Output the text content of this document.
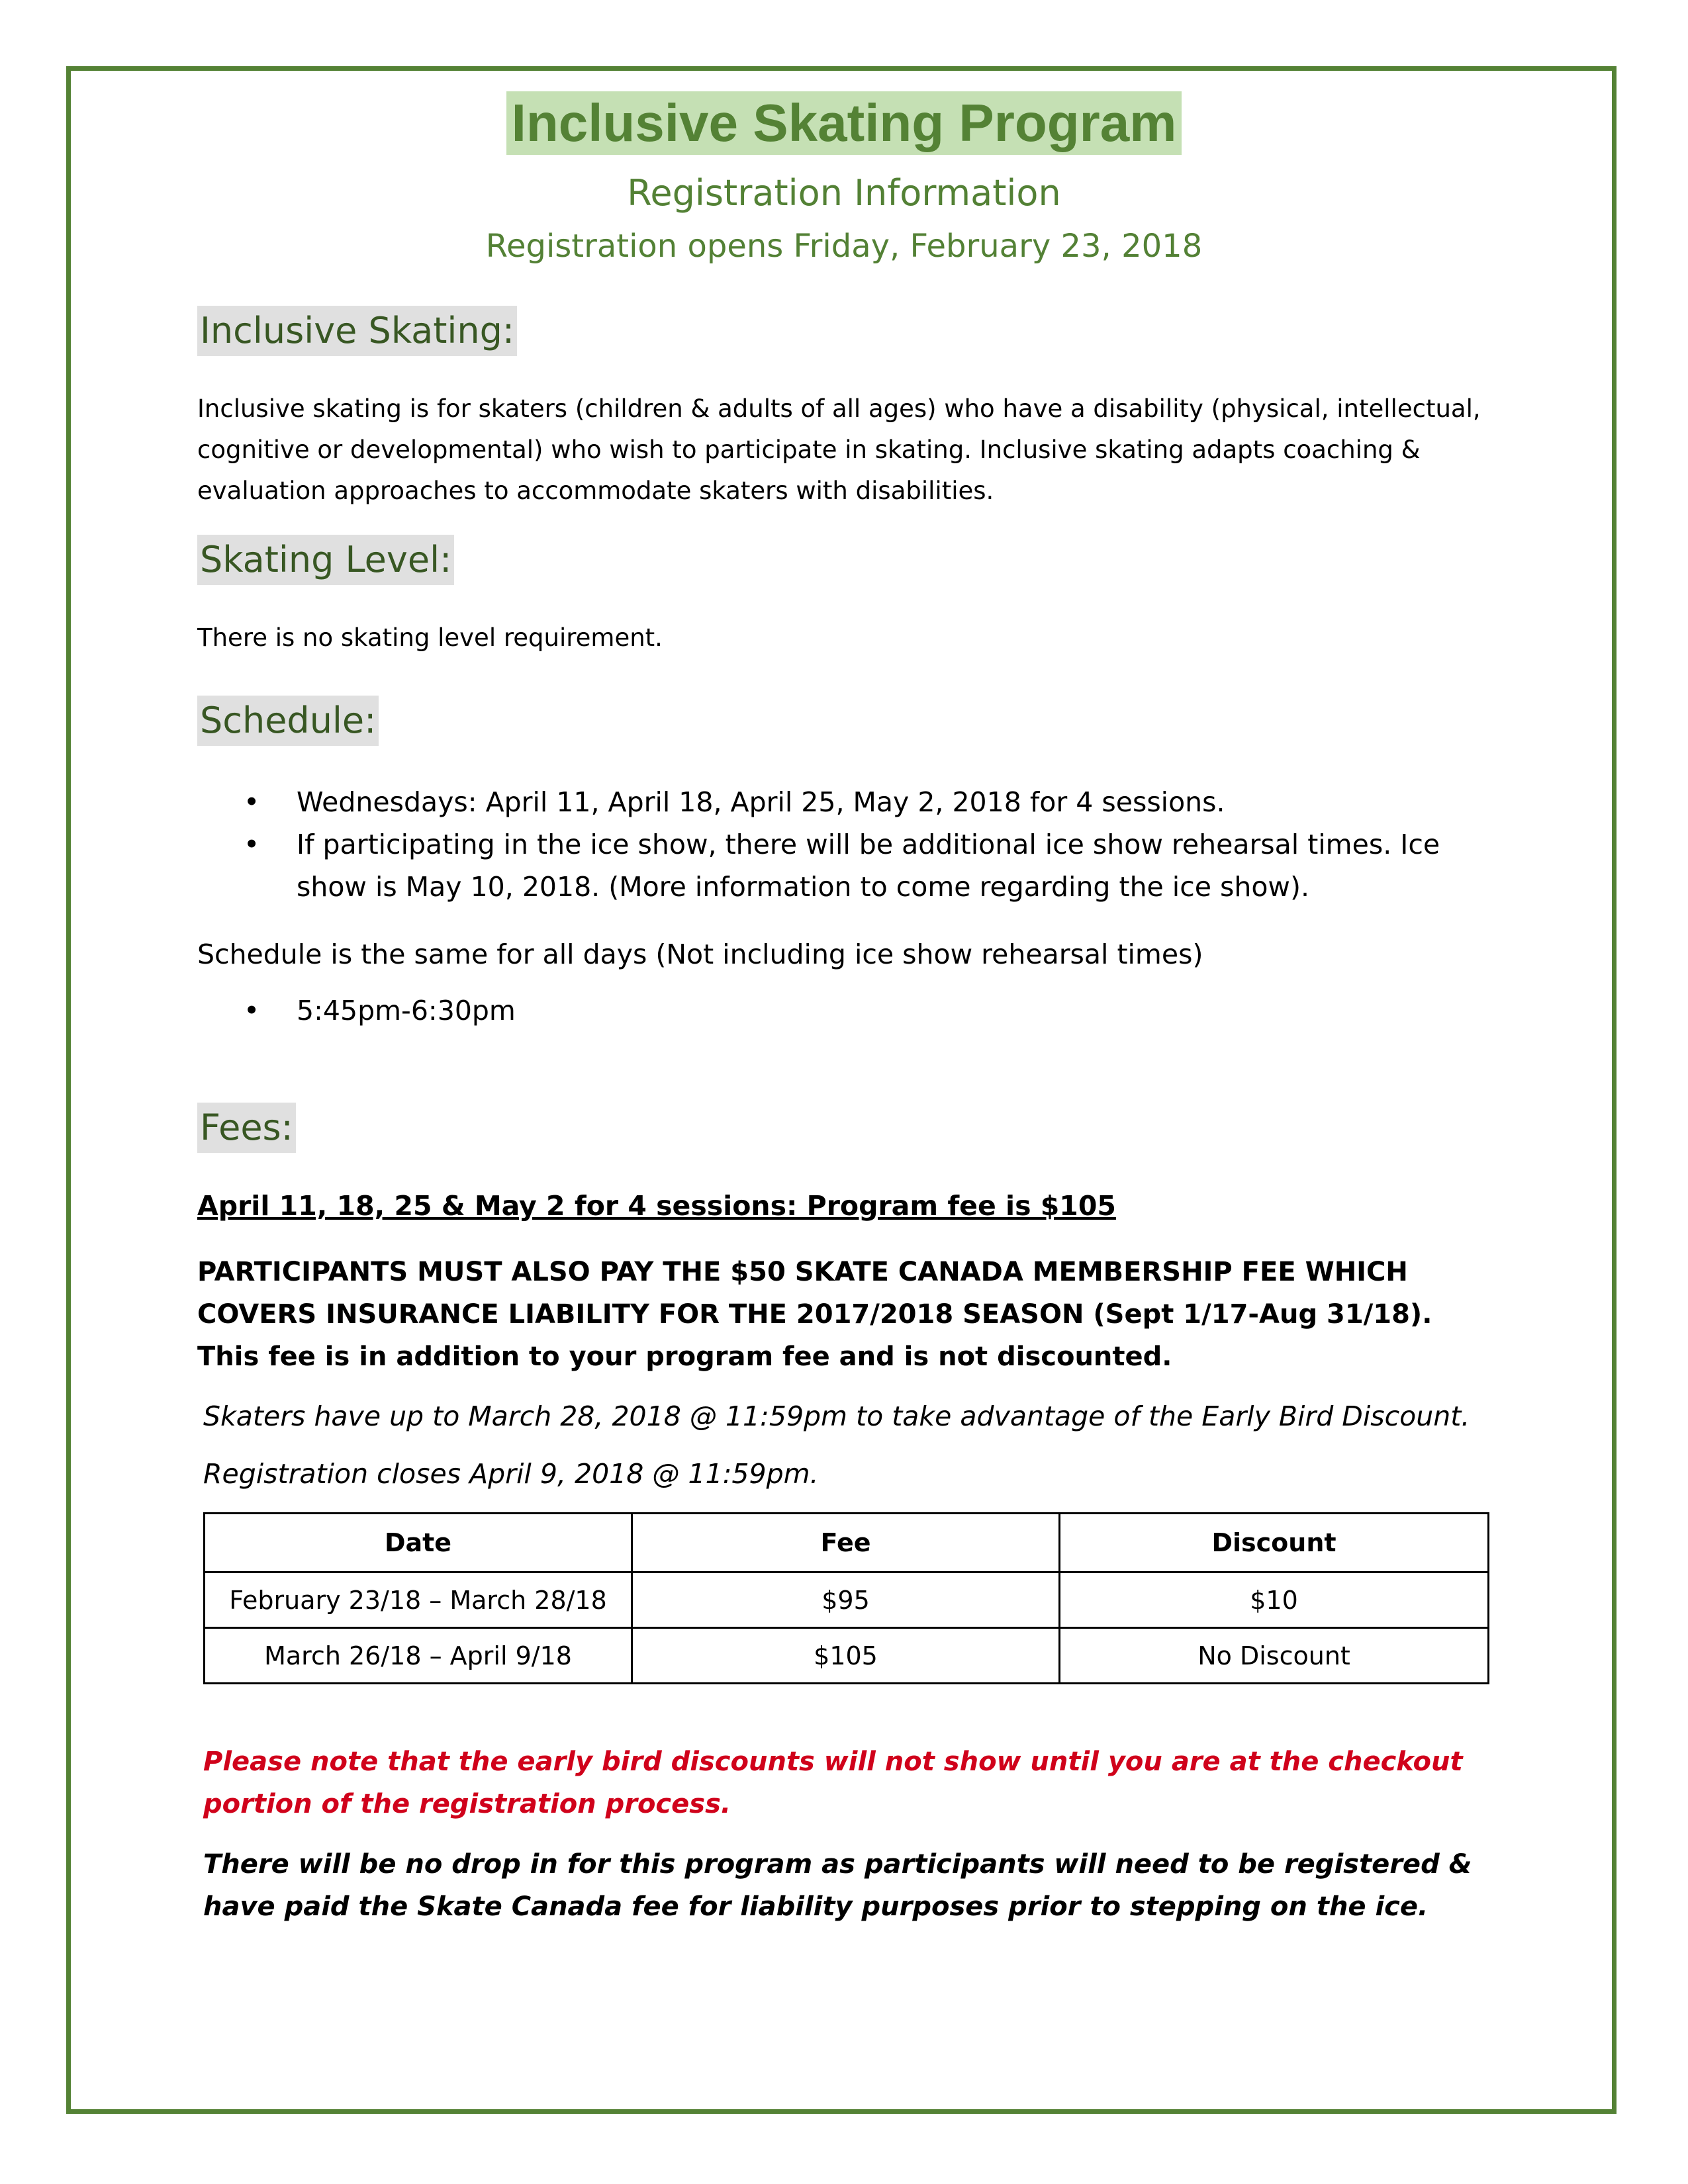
Inclusive Skating Program
Registration Information
Registration opens Friday, February 23, 2018
Inclusive Skating:

Inclusive skating is for skaters (children & adults of all ages) who have a disability (physical, intellectual, cognitive or developmental) who wish to participate in skating. Inclusive skating adapts coaching & evaluation approaches to accommodate skaters with disabilities.

Skating Level:

There is no skating level requirement.

Schedule:
• Wednesdays: April 11, April 18, April 25, May 2, 2018 for 4 sessions.
• If participating in the ice show, there will be additional ice show rehearsal times. Ice show is May 10, 2018. (More information to come regarding the ice show).
Schedule is the same for all days (Not including ice show rehearsal times)
• 5:45pm-6:30pm
Fees:
April 11, 18, 25 & May 2 for 4 sessions: Program fee is $105

PARTICIPANTS MUST ALSO PAY THE $50 SKATE CANADA MEMBERSHIP FEE WHICH COVERS INSURANCE LIABILITY FOR THE 2017/2018 SEASON (Sept 1/17-Aug 31/18). This fee is in addition to your program fee and is not discounted.

Skaters have up to March 28, 2018 @ 11:59pm to take advantage of the Early Bird Discount.
Registration closes April 9, 2018 @ 11:59pm.
Date	Fee	Discount
February 23/18 – March 28/18	$95	$10
March 26/18 – April 9/18	$105	No Discount

Please note that the early bird discounts will not show until you are at the checkout portion of the registration process.

There will be no drop in for this program as participants will need to be registered & have paid the Skate Canada fee for liability purposes prior to stepping on the ice.
